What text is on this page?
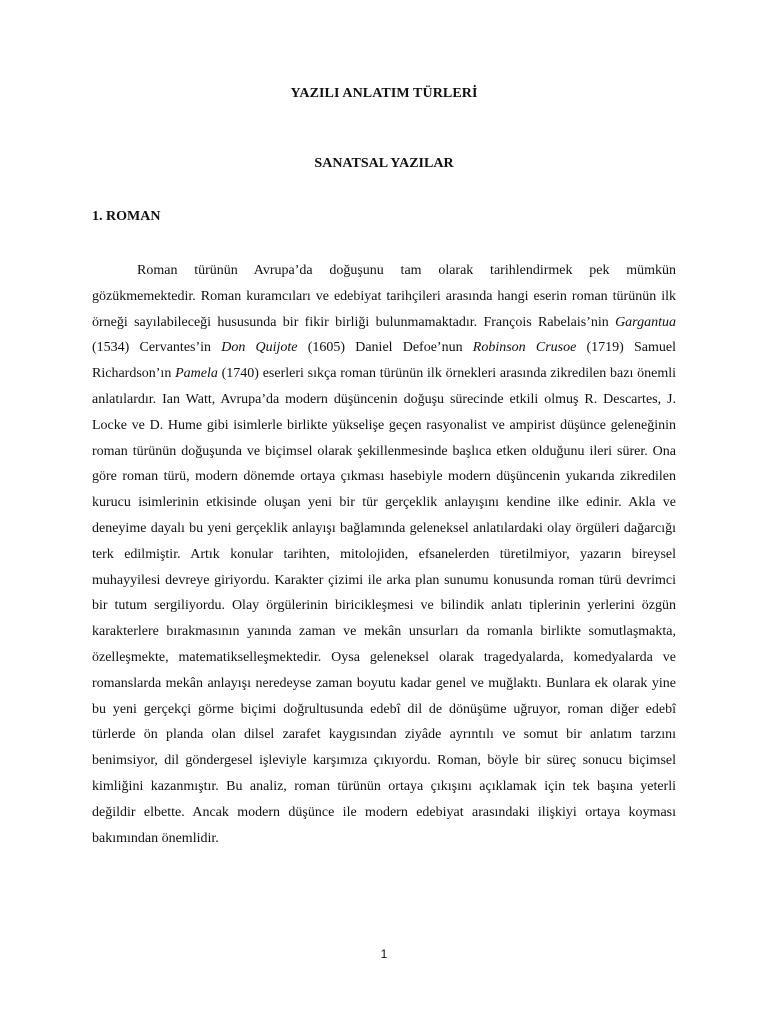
YAZILI ANLATIM TÜRLERİ
SANATSAL YAZILAR
1. ROMAN

Roman türünün Avrupa’da doğuşunu tam olarak tarihlendirmek pek mümkün gözükmemektedir. Roman kuramcıları ve edebiyat tarihçileri arasında hangi eserin roman türünün ilk örneği sayılabileceği hususunda bir fikir birliği bulunmamaktadır. François Rabelais’nin Gargantua (1534) Cervantes’in Don Quijote (1605) Daniel Defoe’nun Robinson Crusoe (1719) Samuel Richardson’ın Pamela (1740) eserleri sıkça roman türünün ilk örnekleri arasında zikredilen bazı önemli anlatılardır. Ian Watt, Avrupa’da modern düşüncenin doğuşu sürecinde etkili olmuş R. Descartes, J. Locke ve D. Hume gibi isimlerle birlikte yükselişe geçen rasyonalist ve ampirist düşünce geleneğinin roman türünün doğuşunda ve biçimsel olarak şekillenmesinde başlıca etken olduğunu ileri sürer. Ona göre roman türü, modern dönemde ortaya çıkması hasebiyle modern düşüncenin yukarıda zikredilen kurucu isimlerinin etkisinde oluşan yeni bir tür gerçeklik anlayışını kendine ilke edinir. Akla ve deneyime dayalı bu yeni gerçeklik anlayışı bağlamında geleneksel anlatılardaki olay örgüleri dağarcığı terk edilmiştir. Artık konular tarihten, mitolojiden, efsanelerden türetilmiyor, yazarın bireysel muhayyilesi devreye giriyordu. Karakter çizimi ile arka plan sunumu konusunda roman türü devrimci bir tutum sergiliyordu. Olay örgülerinin biricikleşmesi ve bilindik anlatı tiplerinin yerlerini özgün karakterlere bırakmasının yanında zaman ve mekân unsurları da romanla birlikte somutlaşmakta, özelleşmekte, matematikselleşmektedir. Oysa geleneksel olarak tragedyalarda, komedyalarda ve romanslarda mekân anlayışı neredeyse zaman boyutu kadar genel ve muğlaktı. Bunlara ek olarak yine bu yeni gerçekçi görme biçimi doğrultusunda edebî dil de dönüşüme uğruyor, roman diğer edebî türlerde ön planda olan dilsel zarafet kaygısından ziyâde ayrıntılı ve somut bir anlatım tarzını benimsiyor, dil göndergesel işleviyle karşımıza çıkıyordu. Roman, böyle bir süreç sonucu biçimsel kimliğini kazanmıştır. Bu analiz, roman türünün ortaya çıkışını açıklamak için tek başına yeterli değildir elbette. Ancak modern düşünce ile modern edebiyat arasındaki ilişkiyi ortaya koyması bakımından önemlidir.

1
